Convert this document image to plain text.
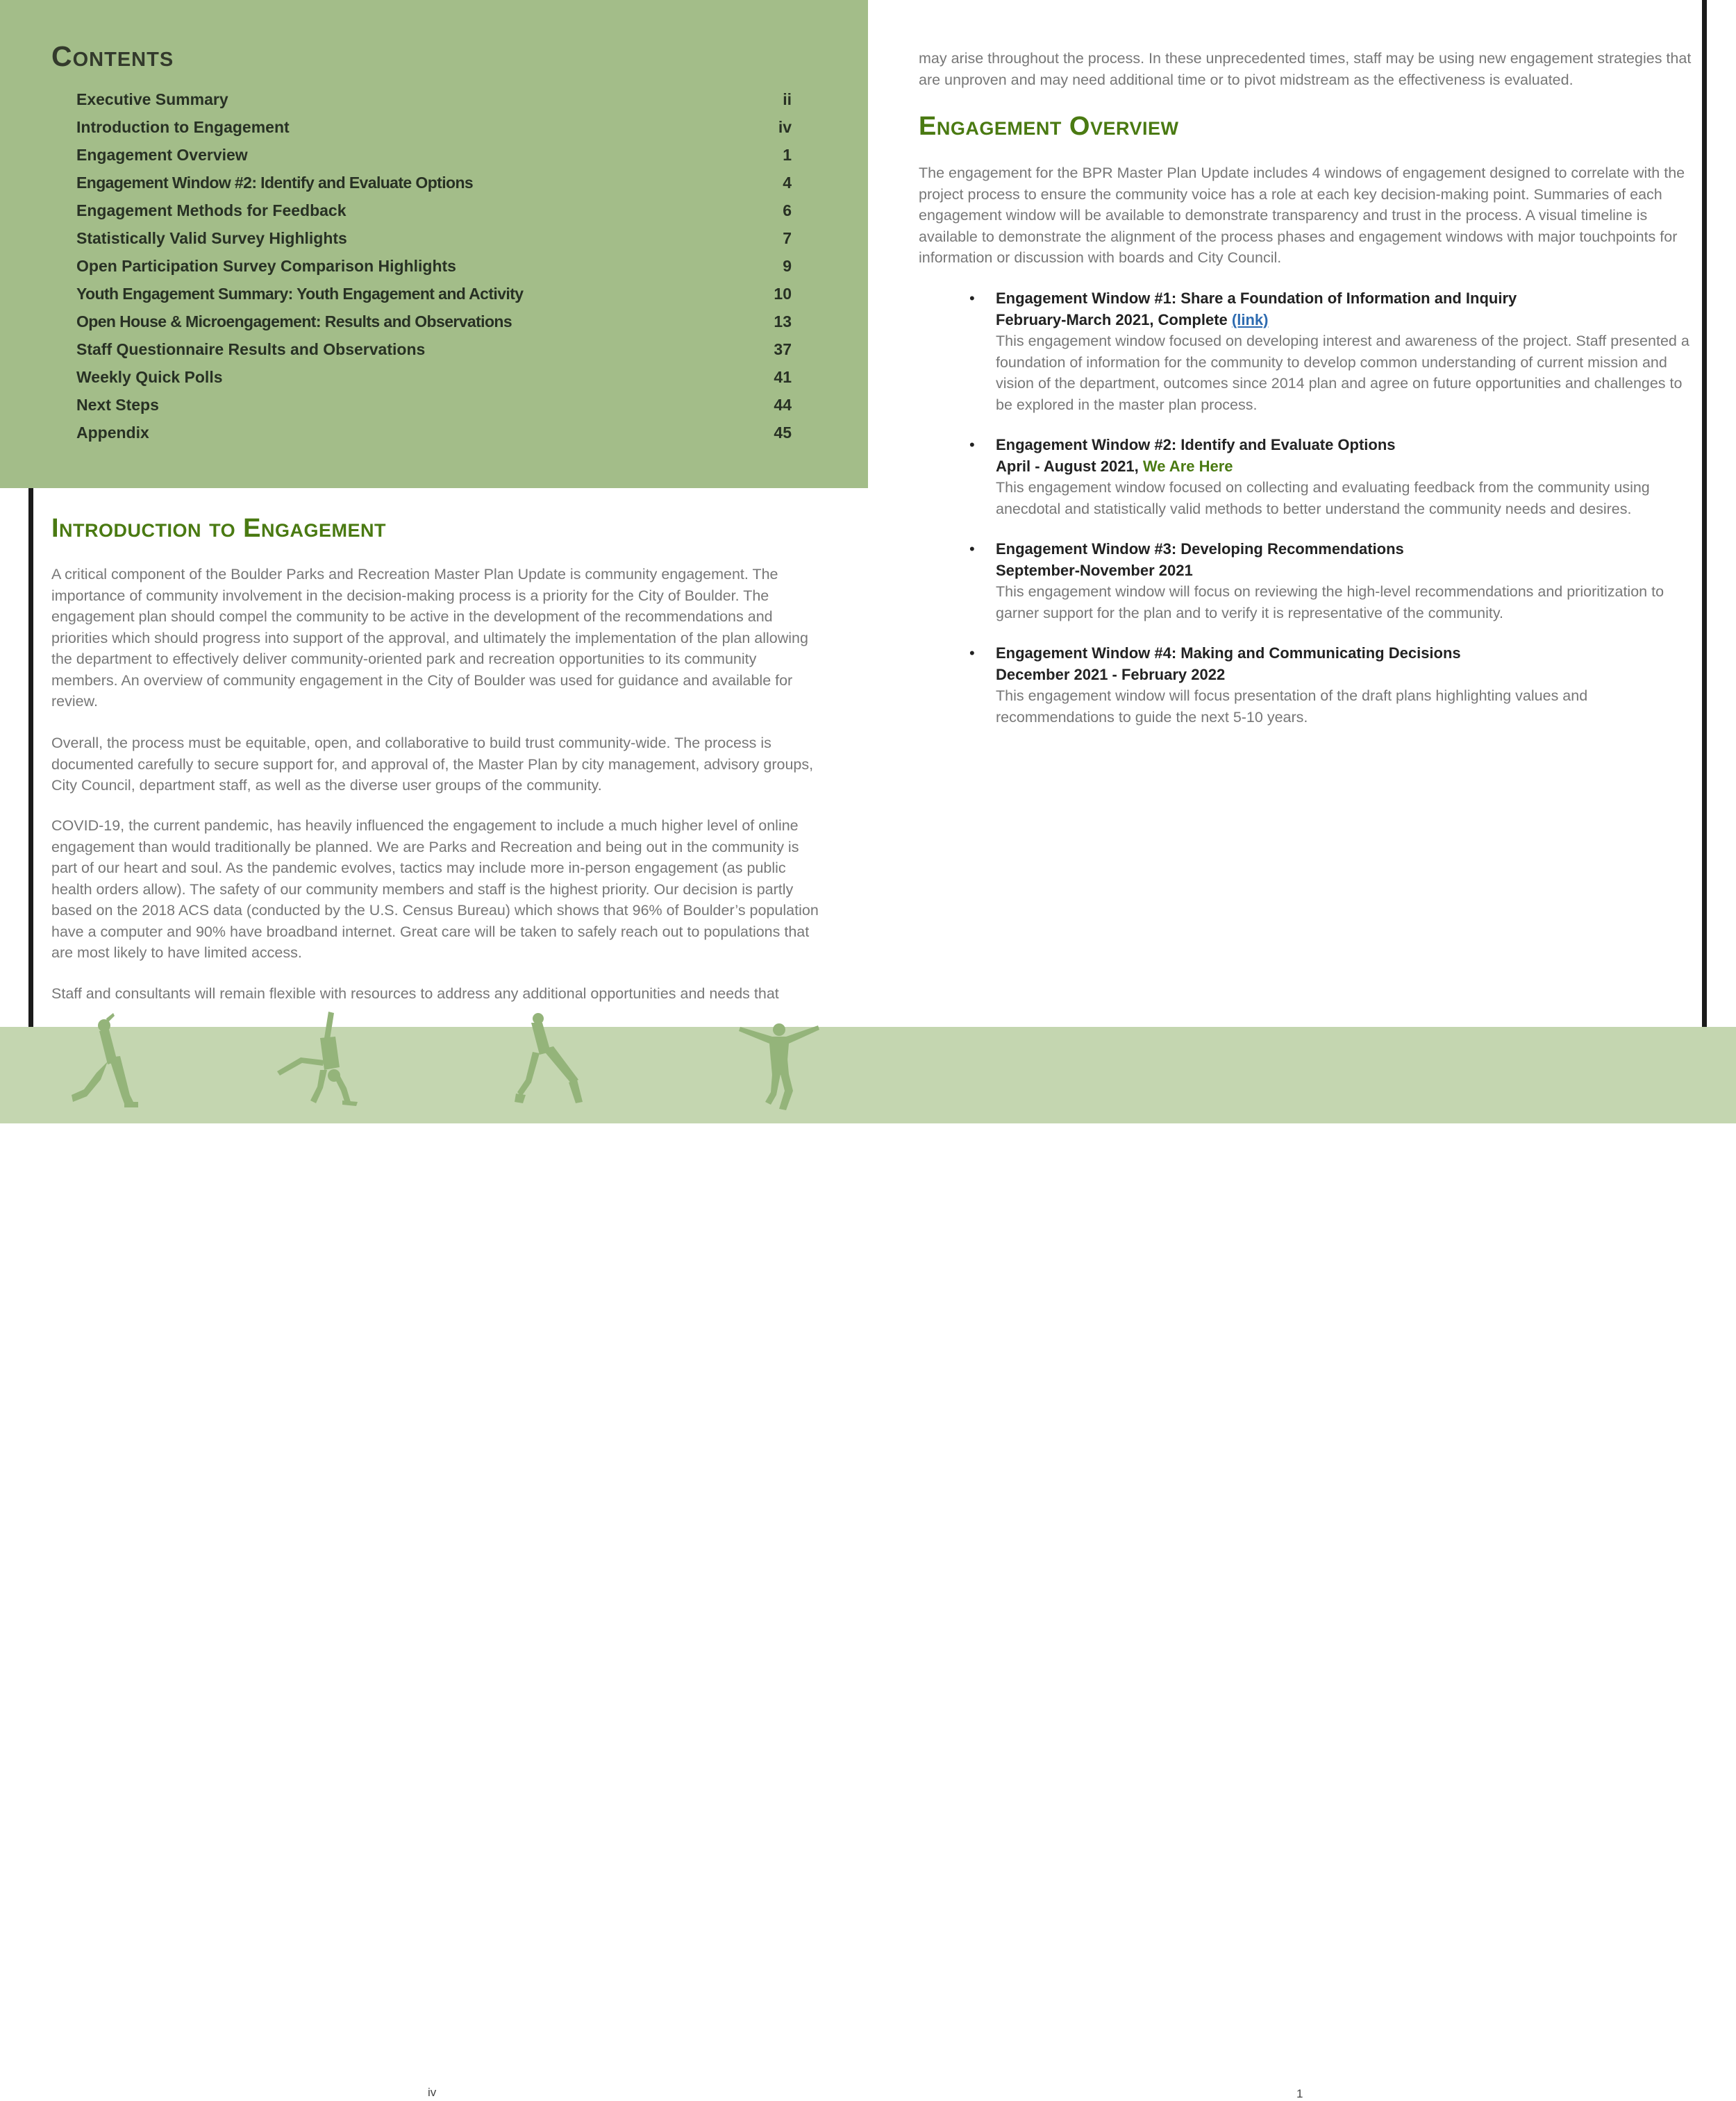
Contents
Executive Summary	ii
Introduction to Engagement	iv
Engagement Overview	1
Engagement Window #2: Identify and Evaluate Options	4
Engagement Methods for Feedback	6
Statistically Valid Survey Highlights	7
Open Participation Survey Comparison Highlights	9
Youth Engagement Summary: Youth Engagement and Activity	10
Open House & Microengagement: Results and Observations	13
Staff Questionnaire Results and Observations	37
Weekly Quick Polls	41
Next Steps	44
Appendix	45
Introduction to Engagement

A critical component of the Boulder Parks and Recreation Master Plan Update is community engagement. The importance of community involvement in the decision-making process is a priority for the City of Boulder. The engagement plan should compel the community to be active in the development of the recommendations and priorities which should progress into support of the approval, and ultimately the implementation of the plan allowing the department to effectively deliver community-oriented park and recreation opportunities to its community members. An overview of community engagement in the City of Boulder was used for guidance and available for review.

Overall, the process must be equitable, open, and collaborative to build trust community-wide. The process is documented carefully to secure support for, and approval of, the Master Plan by city management, advisory groups, City Council, department staff, as well as the diverse user groups of the community.

COVID-19, the current pandemic, has heavily influenced the engagement to include a much higher level of online engagement than would traditionally be planned. We are Parks and Recreation and being out in the community is part of our heart and soul. As the pandemic evolves, tactics may include more in-person engagement (as public health orders allow). The safety of our community members and staff is the highest priority. Our decision is partly based on the 2018 ACS data (conducted by the U.S. Census Bureau) which shows that 96% of Boulder’s population have a computer and 90% have broadband internet. Great care will be taken to safely reach out to populations that are most likely to have limited access.

Staff and consultants will remain flexible with resources to address any additional opportunities and needs that

may arise throughout the process. In these unprecedented times, staff may be using new engagement strategies that are unproven and may need additional time or to pivot midstream as the effectiveness is evaluated.

Engagement Overview

The engagement for the BPR Master Plan Update includes 4 windows of engagement designed to correlate with the project process to ensure the community voice has a role at each key decision-making point. Summaries of each engagement window will be available to demonstrate transparency and trust in the process. A visual timeline is available to demonstrate the alignment of the process phases and engagement windows with major touchpoints for information or discussion with boards and City Council.

• Engagement Window #1: Share a Foundation of Information and Inquiry
February-March 2021, Complete (link)
This engagement window focused on developing interest and awareness of the project. Staff presented a foundation of information for the community to develop common understanding of current mission and vision of the department, outcomes since 2014 plan and agree on future opportunities and challenges to be explored in the master plan process.
• Engagement Window #2: Identify and Evaluate Options
April - August 2021, We Are Here
This engagement window focused on collecting and evaluating feedback from the community using anecdotal and statistically valid methods to better understand the community needs and desires.
• Engagement Window #3: Developing Recommendations
September-November 2021
This engagement window will focus on reviewing the high-level recommendations and prioritization to garner support for the plan and to verify it is representative of the community.
• Engagement Window #4: Making and Communicating Decisions
December 2021 - February 2022
This engagement window will focus presentation of the draft plans highlighting values and recommendations to guide the next 5-10 years.
iv	1
